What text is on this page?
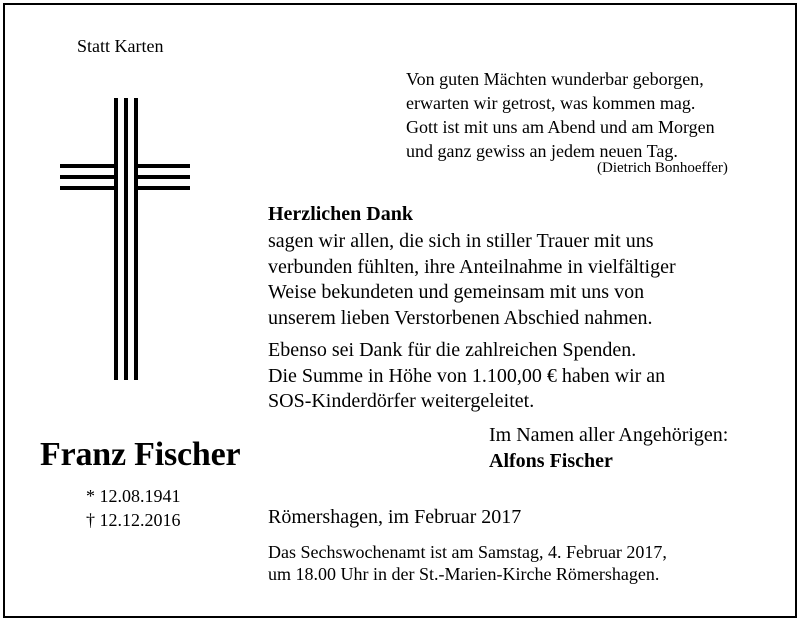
Statt Karten

Von guten Mächten wunderbar geborgen,
erwarten wir getrost, was kommen mag.
Gott ist mit uns am Abend und am Morgen
und ganz gewiss an jedem neuen Tag.

(Dietrich Bonhoeffer)

Franz Fischer

* 12.08.1941
† 12.12.2016

Herzlichen Dank

sagen wir allen, die sich in stiller Trauer mit uns
verbunden fühlten, ihre Anteilnahme in vielfältiger
Weise bekundeten und gemeinsam mit uns von
unserem lieben Verstorbenen Abschied nahmen.
Ebenso sei Dank für die zahlreichen Spenden.
Die Summe in Höhe von 1.100,00 € haben wir an
SOS-Kinderdörfer weitergeleitet.

Im Namen aller Angehörigen:

Alfons Fischer

Römershagen, im Februar 2017

Das Sechswochenamt ist am Samstag, 4. Februar 2017,
um 18.00 Uhr in der St.-Marien-Kirche Römershagen.
